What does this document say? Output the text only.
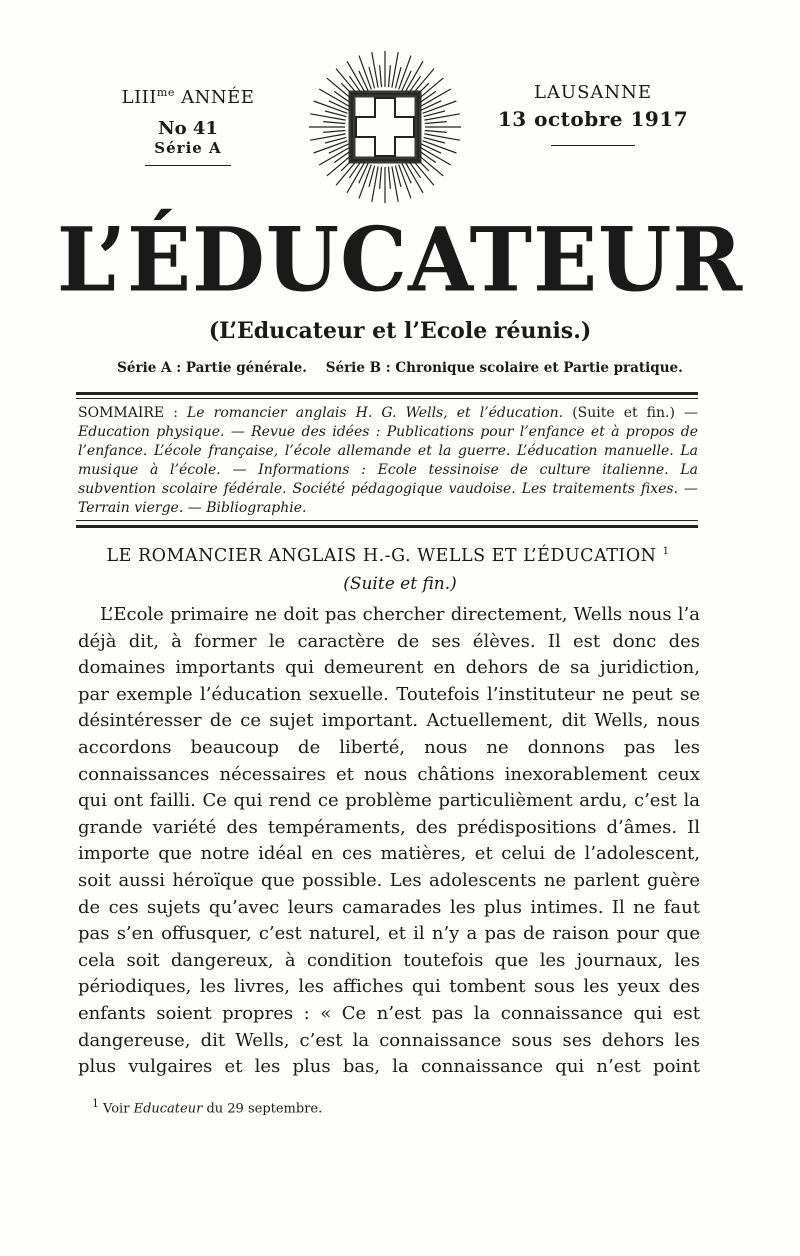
$LIII^{me}$ ANNÉE
No 41
Série A
LAUSANNE
13 octobre 1917
L’ÉDUCATEUR
(L’Educateur et l’Ecole réunis.)
Série A : Partie générale. Série B : Chronique scolaire et Partie pratique.
SOMMAIRE : Le romancier anglais H. G. Wells, et l’éducation. (Suite et fin.) — Education physique. — Revue des idées : Publications pour l’enfance et à propos de l’enfance. L’école française, l’école allemande et la guerre. L’éducation manuelle. La musique à l’école. — Informations : Ecole tessinoise de culture italienne. La subvention scolaire fédérale. Société pédagogique vaudoise. Les traitements fixes. — Terrain vierge. — Bibliographie.
LE ROMANCIER ANGLAIS H.-G. WELLS ET L’ÉDUCATION $^1$
(Suite et fin.)

L’Ecole primaire ne doit pas chercher directement, Wells nous l’a déjà dit, à former le caractère de ses élèves. Il est donc des domaines importants qui demeurent en dehors de sa juridiction, par exemple l’éducation sexuelle. Toutefois l’instituteur ne peut se désintéresser de ce sujet important. Actuellement, dit Wells, nous accordons beaucoup de liberté, nous ne donnons pas les connaissances nécessaires et nous châtions inexorablement ceux qui ont failli. Ce qui rend ce problème particulièment ardu, c’est la grande variété des tempéraments, des prédispositions d’âmes. Il importe que notre idéal en ces matières, et celui de l’adolescent, soit aussi héroïque que possible. Les adolescents ne parlent guère de ces sujets qu’avec leurs camarades les plus intimes. Il ne faut pas s’en offusquer, c’est naturel, et il n’y a pas de raison pour que cela soit dangereux, à condition toutefois que les journaux, les périodiques, les livres, les affiches qui tombent sous les yeux des enfants soient propres : « Ce n’est pas la connaissance qui est dangereuse, dit Wells, c’est la connaissance sous ses dehors les plus vulgaires et les plus bas, la connaissance qui n’est point

$^1$ Voir Educateur du 29 septembre.
